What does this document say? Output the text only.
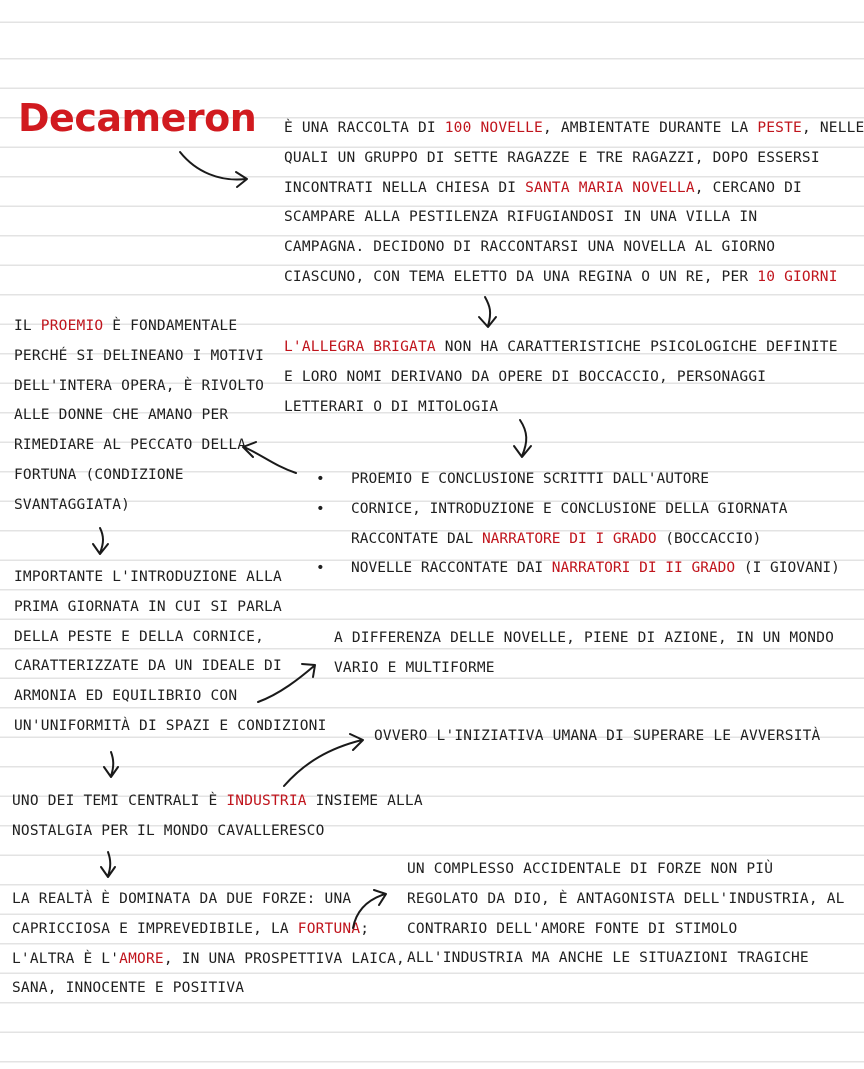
Decameron È UNA RACCOLTA DI 100 NOVELLE, AMBIENTATE DURANTE LA PESTE, NELLE
QUALI UN GRUPPO DI SETTE RAGAZZE E TRE RAGAZZI, DOPO ESSERSI
INCONTRATI NELLA CHIESA DI SANTA MARIA NOVELLA, CERCANO DI
SCAMPARE ALLA PESTILENZA RIFUGIANDOSI IN UNA VILLA IN
CAMPAGNA. DECIDONO DI RACCONTARSI UNA NOVELLA AL GIORNO
CIASCUNO, CON TEMA ELETTO DA UNA REGINA O UN RE, PER 10 GIORNI
L'ALLEGRA BRIGATA NON HA CARATTERISTICHE PSICOLOGICHE DEFINITE
E LORO NOMI DERIVANO DA OPERE DI BOCCACCIO, PERSONAGGI
LETTERARI O DI MITOLOGIA
IL PROEMIO È FONDAMENTALE
PERCHÉ SI DELINEANO I MOTIVI
DELL'INTERA OPERA, È RIVOLTO
ALLE DONNE CHE AMANO PER
RIMEDIARE AL PECCATO DELLA
FORTUNA (CONDIZIONE
SVANTAGGIATA)
• PROEMIO E CONCLUSIONE SCRITTI DALL'AUTORE
• CORNICE, INTRODUZIONE E CONCLUSIONE DELLA GIORNATA
RACCONTATE DAL NARRATORE DI I GRADO (BOCCACCIO)
• NOVELLE RACCONTATE DAI NARRATORI DI II GRADO (I GIOVANI)
IMPORTANTE L'INTRODUZIONE ALLA
PRIMA GIORNATA IN CUI SI PARLA
DELLA PESTE E DELLA CORNICE,
CARATTERIZZATE DA UN IDEALE DI
ARMONIA ED EQUILIBRIO CON
UN'UNIFORMITÀ DI SPAZI E CONDIZIONI
A DIFFERENZA DELLE NOVELLE, PIENE DI AZIONE, IN UN MONDO
VARIO E MULTIFORME
OVVERO L'INIZIATIVA UMANA DI SUPERARE LE AVVERSITÀ
UNO DEI TEMI CENTRALI È INDUSTRIA INSIEME ALLA
NOSTALGIA PER IL MONDO CAVALLERESCO
LA REALTÀ È DOMINATA DA DUE FORZE: UNA
CAPRICCIOSA E IMPREVEDIBILE, LA FORTUNA;
L'ALTRA È L'AMORE, IN UNA PROSPETTIVA LAICA,
SANA, INNOCENTE E POSITIVA
UN COMPLESSO ACCIDENTALE DI FORZE NON PIÙ
REGOLATO DA DIO, È ANTAGONISTA DELL'INDUSTRIA, AL
CONTRARIO DELL'AMORE FONTE DI STIMOLO
ALL'INDUSTRIA MA ANCHE LE SITUAZIONI TRAGICHE
